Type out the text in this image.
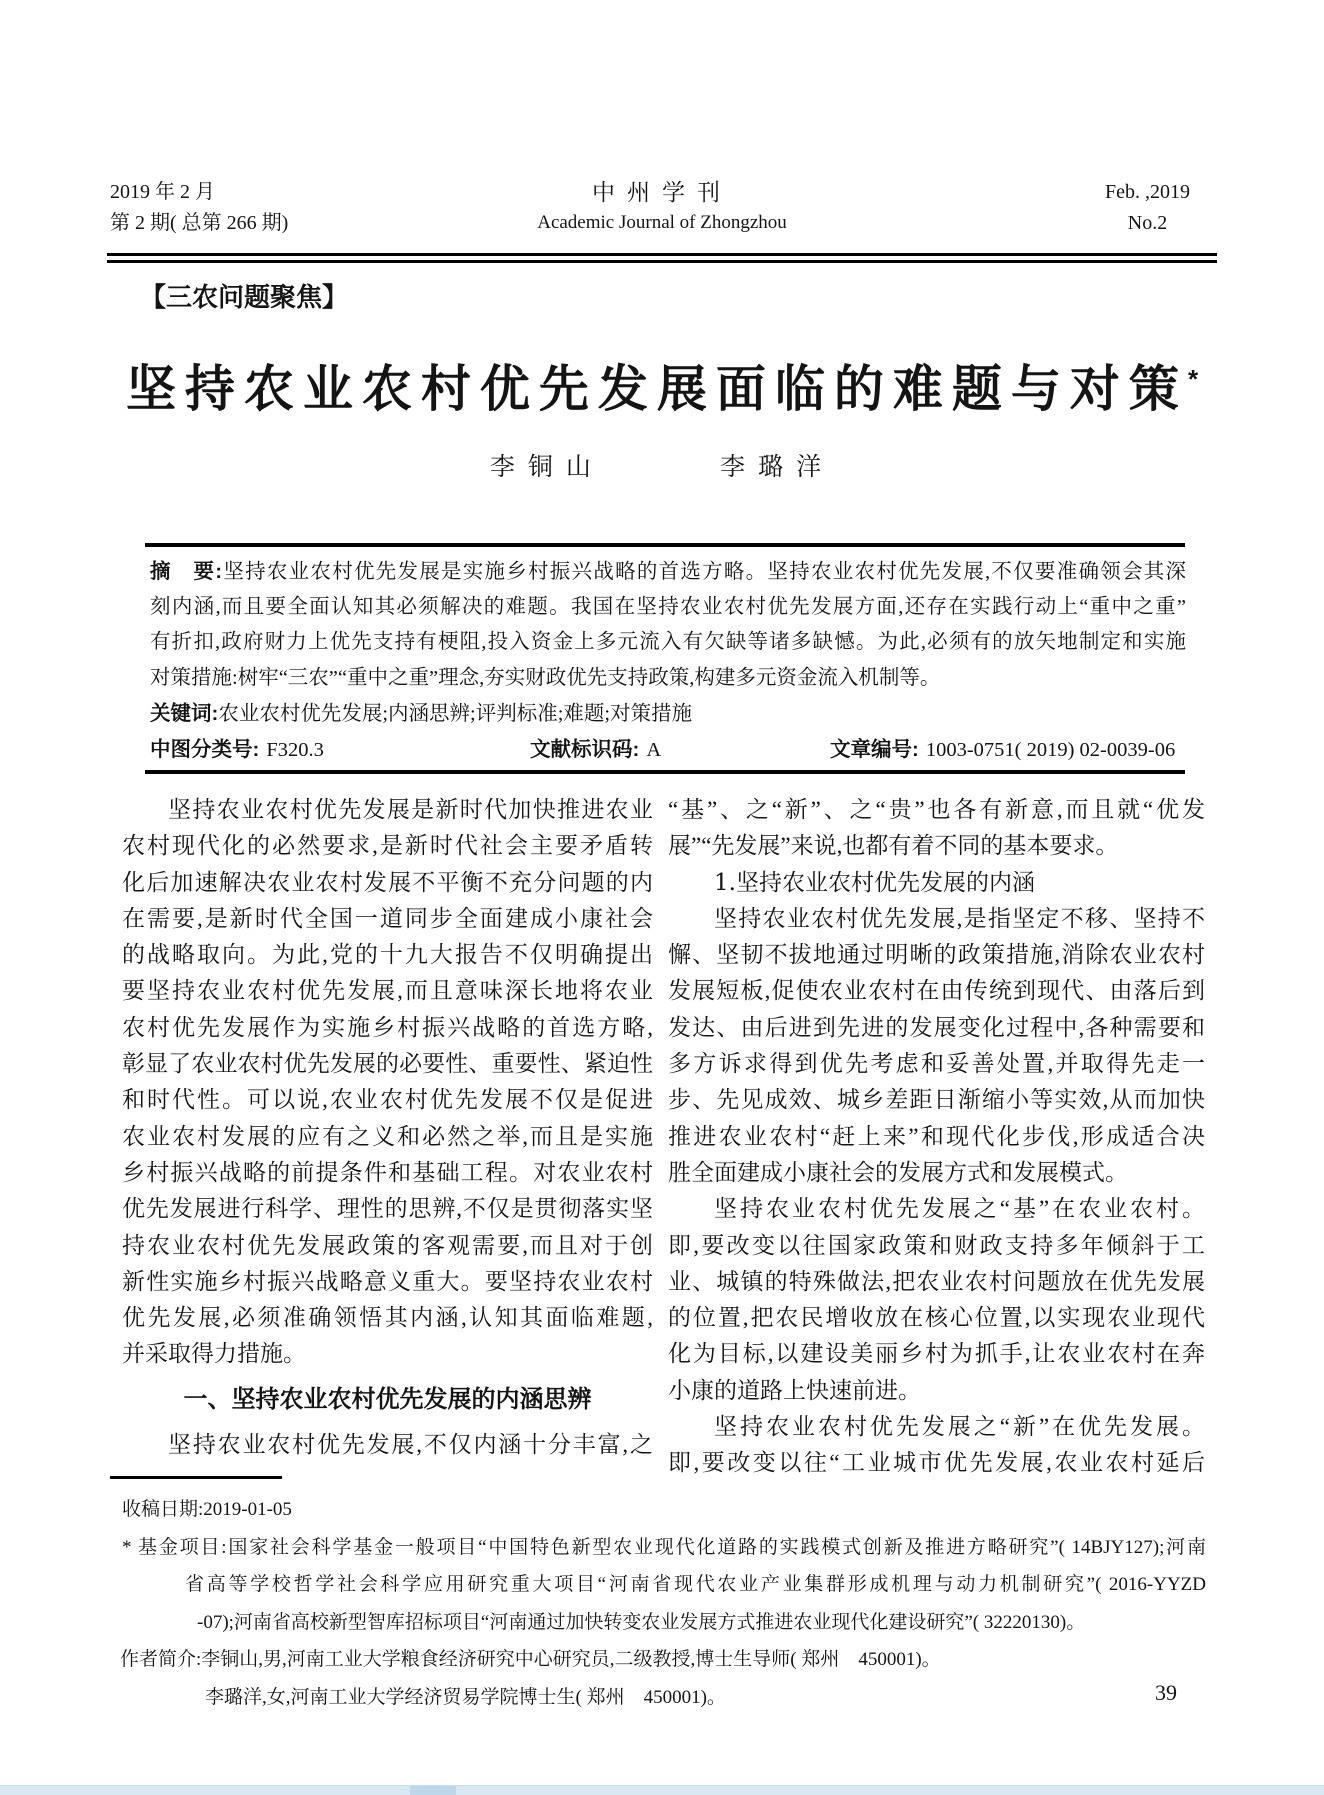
2019 年 2 月
第 2 期( 总第 266 期)
中州学刊
Academic Journal of Zhongzhou
Feb. ,2019
No.2
【三农问题聚焦】
坚持农业农村优先发展面临的难题与对策*
李铜山	李璐洋
摘　要:坚持农业农村优先发展是实施乡村振兴战略的首选方略。坚持农业农村优先发展,不仅要准确领会其深
刻内涵,而且要全面认知其必须解决的难题。我国在坚持农业农村优先发展方面,还存在实践行动上“重中之重”
有折扣,政府财力上优先支持有梗阻,投入资金上多元流入有欠缺等诸多缺憾。为此,必须有的放矢地制定和实施
对策措施:树牢“三农”“重中之重”理念,夯实财政优先支持政策,构建多元资金流入机制等。
关键词:农业农村优先发展;内涵思辨;评判标准;难题;对策措施
中图分类号: F320.3	文献标识码: A	文章编号: 1003-0751( 2019) 02-0039-06
坚持农业农村优先发展是新时代加快推进农业
农村现代化的必然要求,是新时代社会主要矛盾转
化后加速解决农业农村发展不平衡不充分问题的内
在需要,是新时代全国一道同步全面建成小康社会
的战略取向。为此,党的十九大报告不仅明确提出
要坚持农业农村优先发展,而且意味深长地将农业
农村优先发展作为实施乡村振兴战略的首选方略,
彰显了农业农村优先发展的必要性、重要性、紧迫性
和时代性。可以说,农业农村优先发展不仅是促进
农业农村发展的应有之义和必然之举,而且是实施
乡村振兴战略的前提条件和基础工程。对农业农村
优先发展进行科学、理性的思辨,不仅是贯彻落实坚
持农业农村优先发展政策的客观需要,而且对于创
新性实施乡村振兴战略意义重大。要坚持农业农村
优先发展,必须准确领悟其内涵,认知其面临难题,
并采取得力措施。
一、坚持农业农村优先发展的内涵思辨
坚持农业农村优先发展,不仅内涵十分丰富,之
“基”、之“新”、之“贵”也各有新意,而且就“优发
展”“先发展”来说,也都有着不同的基本要求。
1.坚持农业农村优先发展的内涵
坚持农业农村优先发展,是指坚定不移、坚持不
懈、坚韧不拔地通过明晰的政策措施,消除农业农村
发展短板,促使农业农村在由传统到现代、由落后到
发达、由后进到先进的发展变化过程中,各种需要和
多方诉求得到优先考虑和妥善处置,并取得先走一
步、先见成效、城乡差距日渐缩小等实效,从而加快
推进农业农村“赶上来”和现代化步伐,形成适合决
胜全面建成小康社会的发展方式和发展模式。
坚持农业农村优先发展之“基”在农业农村。
即,要改变以往国家政策和财政支持多年倾斜于工
业、城镇的特殊做法,把农业农村问题放在优先发展
的位置,把农民增收放在核心位置,以实现农业现代
化为目标,以建设美丽乡村为抓手,让农业农村在奔
小康的道路上快速前进。
坚持农业农村优先发展之“新”在优先发展。
即,要改变以往“工业城市优先发展,农业农村延后
收稿日期:2019-01-05
* 基金项目:国家社会科学基金一般项目“中国特色新型农业现代化道路的实践模式创新及推进方略研究”( 14BJY127);河南
省高等学校哲学社会科学应用研究重大项目“河南省现代农业产业集群形成机理与动力机制研究”( 2016-YYZD
-07);河南省高校新型智库招标项目“河南通过加快转变农业发展方式推进农业现代化建设研究”( 32220130)。
作者简介:李铜山,男,河南工业大学粮食经济研究中心研究员,二级教授,博士生导师( 郑州　450001)。
李璐洋,女,河南工业大学经济贸易学院博士生( 郑州　450001)。	39
